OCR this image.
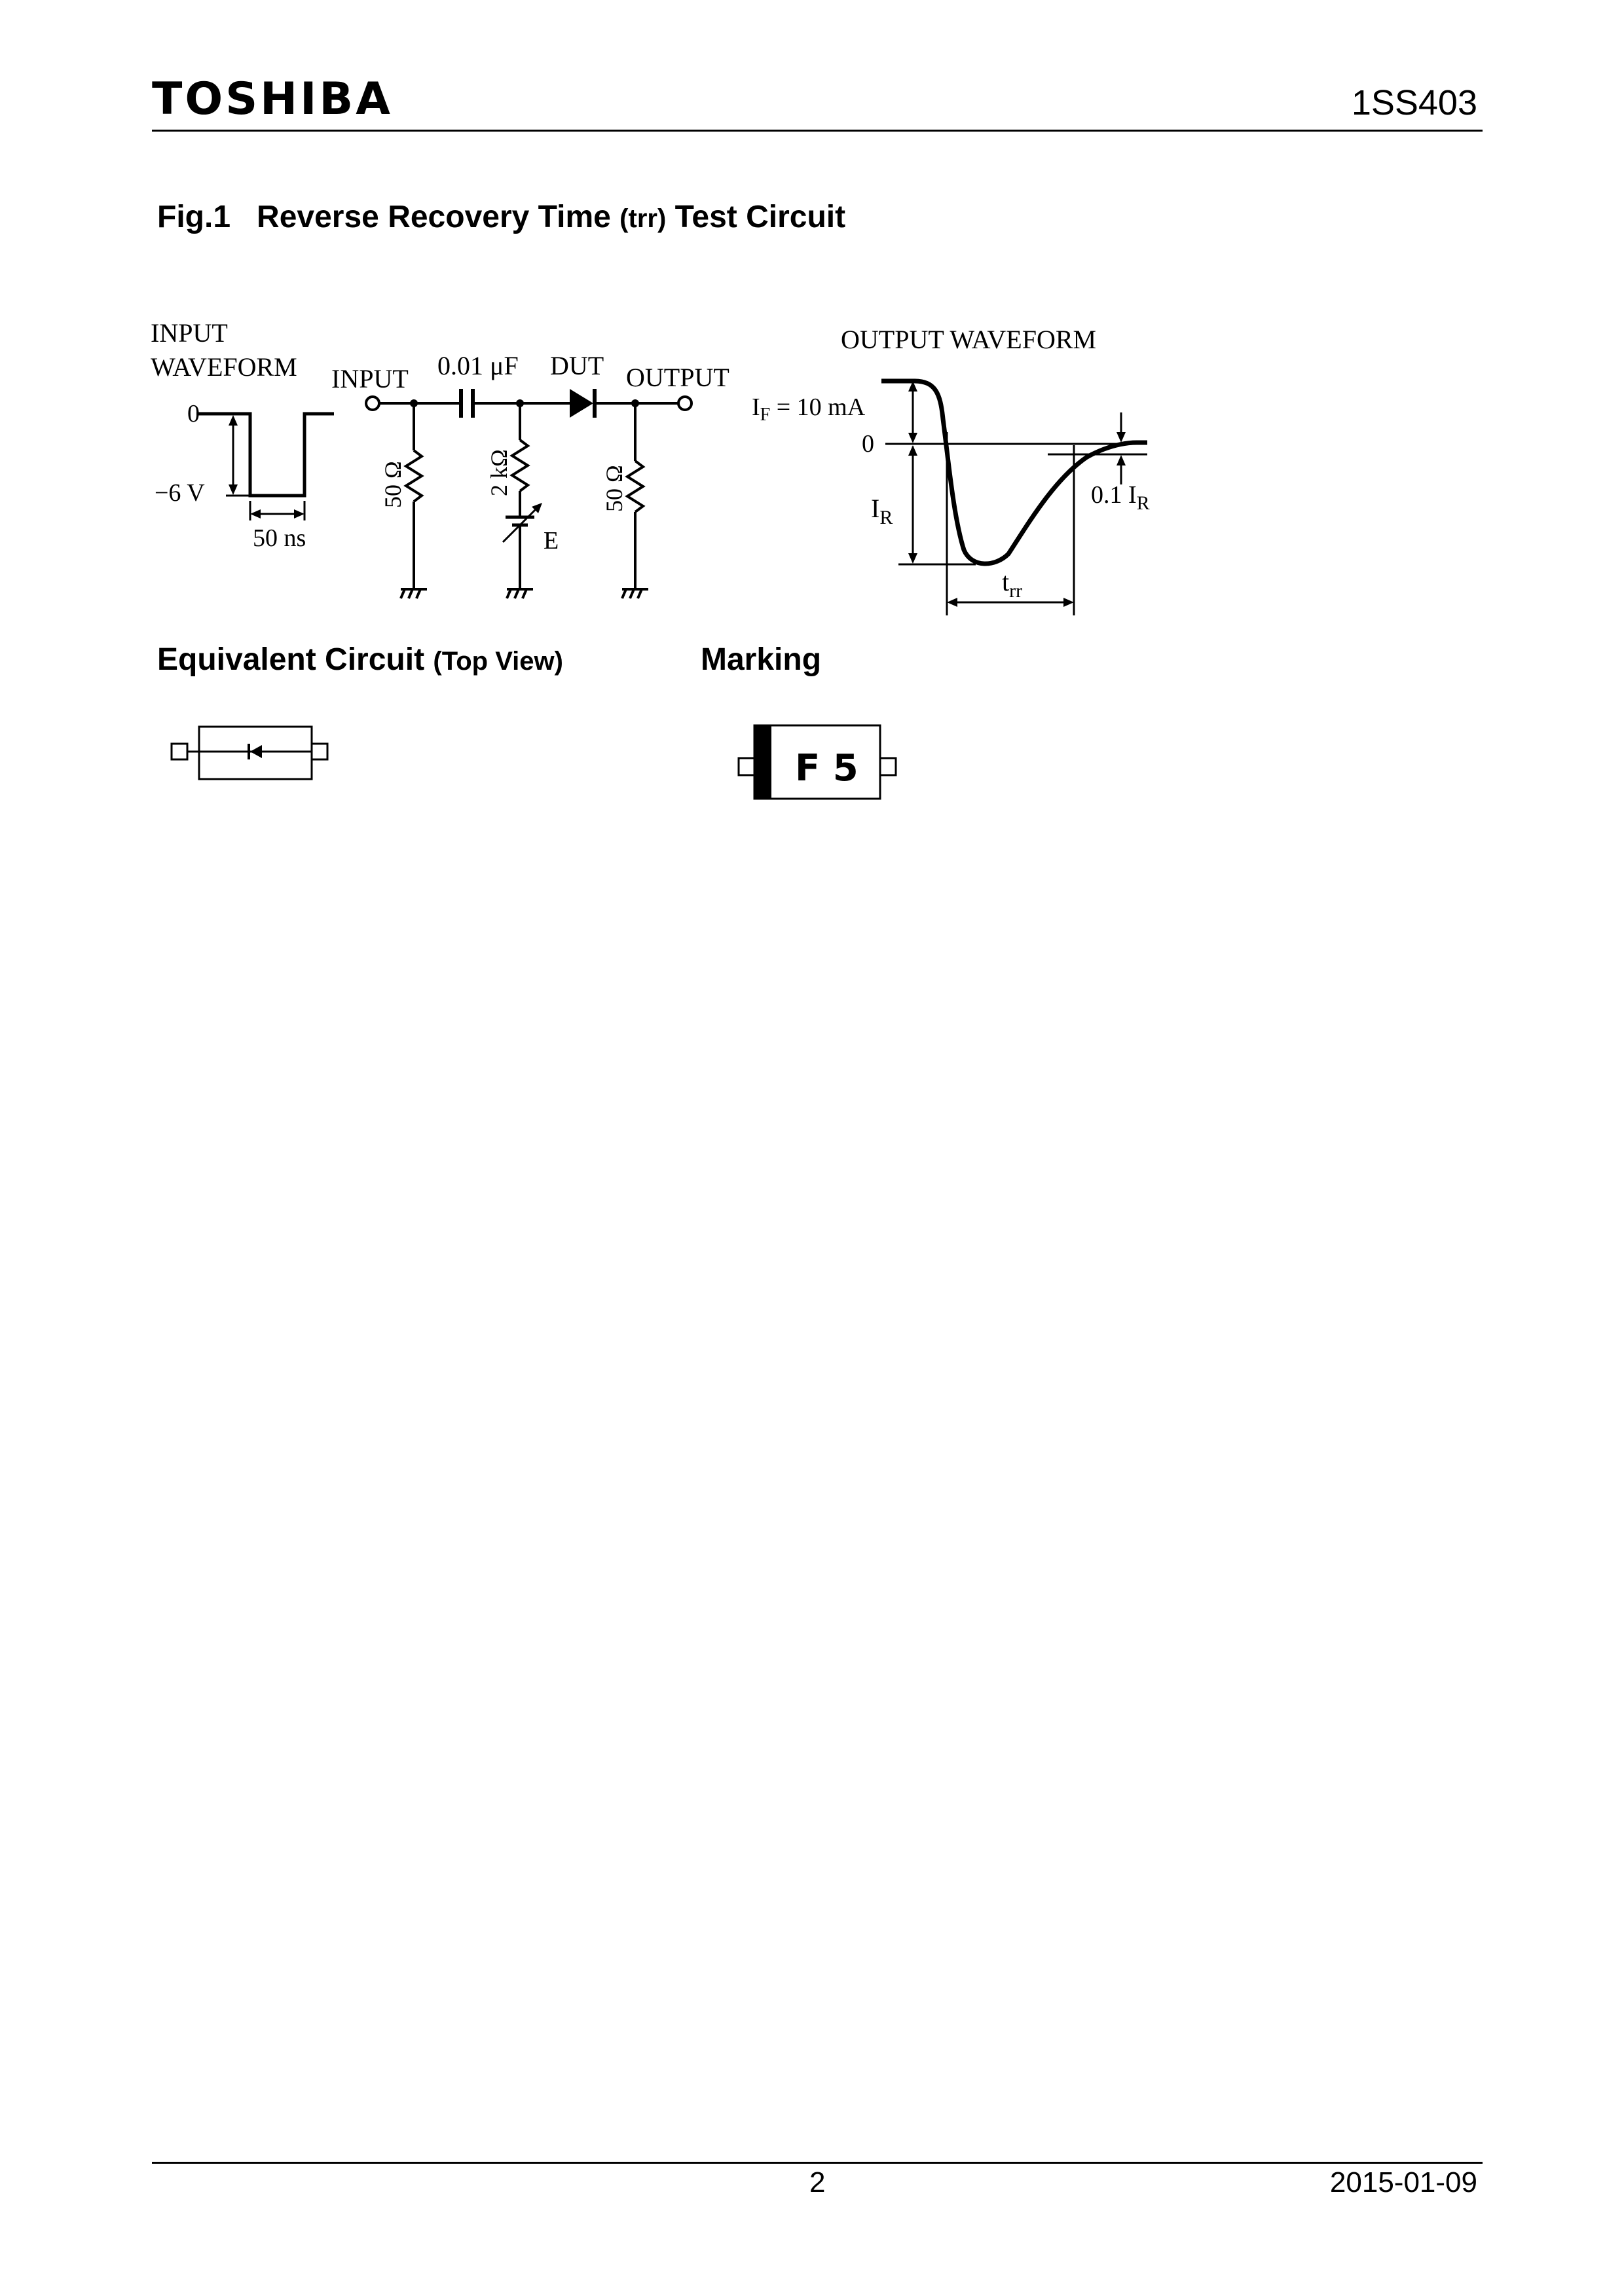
TOSHIBA	1SS403
Fig.1 Reverse Recovery Time (trr) Test Circuit
INPUT
WAVEFORM
0
−6 V
50 ns
INPUT 0.01 μF DUT OUTPUT
50 Ω	2 kΩ	50 Ω
E
OUTPUT WAVEFORM
$I_F = 10$ mA
0
$I_R$
0.1 $I_R$
$t_{rr}$
Equivalent Circuit (Top View)	Marking
F 5
2	2015-01-09
